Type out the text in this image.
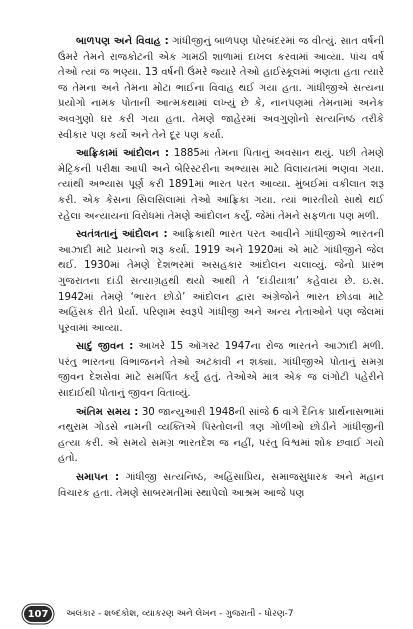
બાળપણ અને વિવાહ : ગાંધીજીનું બાળપણ પોરબંદરમાં જ વીત્યું. સાત વર્ષની ઉંમરે તેમને રાજકોટની એક ગામઠી શાળામાં દાખલ કરવામાં આવ્યા. પાંચ વર્ષ તેઓ ત્યાં જ ભણ્યા. 13 વર્ષની ઉંમરે જ્યારે તેઓ હાઈસ્કૂલમાં ભણતા હતા ત્યારે જ તેમના અને તેમના મોટા ભાઈના વિવાહ થઈ ગયા હતા. ગાંધીજીએ સત્યના પ્રયોગો નામક પોતાની આત્મકથામાં લખ્યું છે કે, નાનપણમાં તેમનામાં અનેક અવગુણો ઘર કરી ગયા હતા. તેમણે જાહેરમાં અવગુણોનો સત્યનિષ્ઠ તરીકે સ્વીકાર પણ કર્યો અને તેને દૂર પણ કર્યા.

આફ્રિકામાં આંદોલન : 1885માં તેમના પિતાનું અવસાન થયું. પછી તેમણે મેટ્રિકની પરીક્ષા આપી અને બેરિસ્ટરીના અભ્યાસ માટે વિલાયતમાં ભણવા ગયા. ત્યાંથી અભ્યાસ પૂર્ણ કરી 1891માં ભારત પરત આવ્યા. મુંબઈમાં વકીલાત શરૂ કરી. એક કેસના સિલસિલામાં તેઓ આફ્રિકા ગયા. ત્યાં ભારતીયો સાથે થઈ રહેલા અન્યાયના વિરોધમાં તેમણે આંદોલન કર્યું. જેમાં તેમને સફળતા પણ મળી.

સ્વતંત્રતાનું આંદોલન : આફ્રિકાથી ભારત પરત આવીને ગાંધીજીએ ભારતની આઝાદી માટે પ્રયત્નો શરૂ કર્યા. 1919 અને 1920માં એ માટે ગાંધીજીને જેલ થઈ. 1930માં તેમણે દેશભરમાં અસહકાર આંદોલન ચલાવ્યું. જેનો પ્રારંભ ગુજરાતના દાંડી સત્યાગ્રહથી થયો આથી તે ‘દાંડીયાત્રા’ કહેવાય છે. ઇ.સ. 1942માં તેમણે ‘ભારત છોડો’ આંદોલન દ્વારા અંગ્રેજોને ભારત છોડવા માટે અહિંસક રીતે પ્રેર્યા. પરિણામ સ્વરૂપે ગાંધીજી અને અન્ય નેતાઓને પણ જેલમાં પૂરવામાં આવ્યા.

સાદું જીવન : આખરે 15 ઑગસ્ટ 1947ના રોજ ભારતને આઝાદી મળી. પરંતુ ભારતના વિભાજનને તેઓ અટકાવી ન શક્યા. ગાંધીજીએ પોતાનું સમગ્ર જીવન દેશસેવા માટે સમર્પિત કર્યું હતું. તેઓએ માત્ર એક જ લંગોટી પહેરીને સાદાઈથી પોતાનું જીવન વિતાવ્યું.

અંતિમ સમય : 30 જાન્યુઆરી 1948ની સાંજે 6 વાગે દૈનિક પ્રાર્થનાસભામાં નથુરામ ગોડસે નામની વ્યક્તિએ પિસ્તોલની ત્રણ ગોળીઓ છોડીને ગાંધીજીની હત્યા કરી. એ સમયે સમગ્ર ભારતદેશ જ નહીં, પરંતુ વિશ્વમાં શોક છવાઈ ગયો હતો.

સમાપન : ગાંધીજી સત્યનિષ્ઠ, અહિંસાપ્રિય, સમાજસુધારક અને મહાન વિચારક હતા. તેમણે સાબરમતીમાં સ્થાપેલો આશ્રમ આજે પણ

107	અલંકાર - શબ્દકોશ, વ્યાકરણ અને લેખન - ગુજરાતી - ધોરણ-7
